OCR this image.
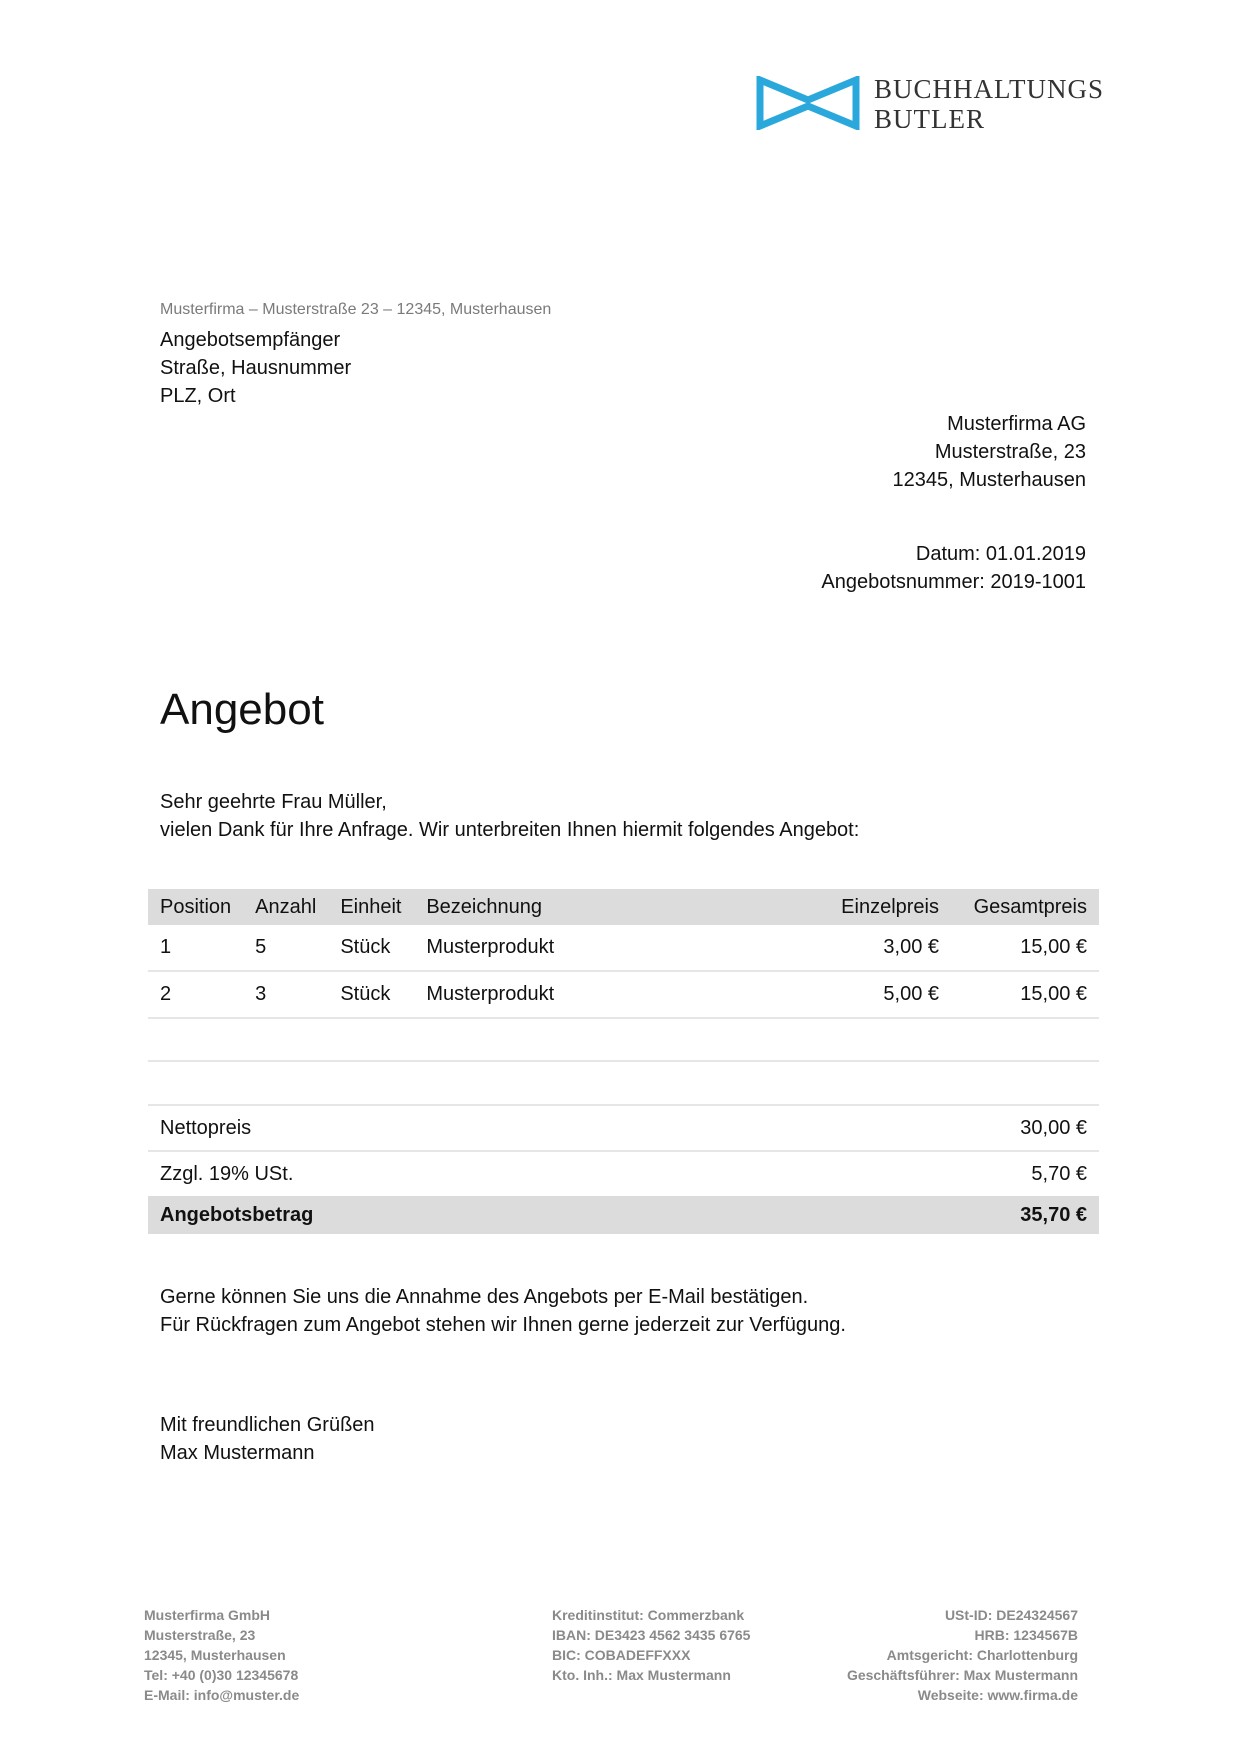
BUCHHALTUNGS
BUTLER
Musterfirma – Musterstraße 23 – 12345, Musterhausen
Angebotsempfänger
Straße, Hausnummer
PLZ, Ort
Musterfirma AG
Musterstraße, 23
12345, Musterhausen
Datum: 01.01.2019
Angebotsnummer: 2019-1001
Angebot
Sehr geehrte Frau Müller,
vielen Dank für Ihre Anfrage. Wir unterbreiten Ihnen hiermit folgendes Angebot:
Position	Anzahl	Einheit	Bezeichnung	Einzelpreis	Gesamtpreis
1	5	Stück	Musterprodukt	3,00 €	15,00 €
2	3	Stück	Musterprodukt	5,00 €	15,00 €
Nettopreis	30,00 €
Zzgl. 19% USt.	5,70 €
Angebotsbetrag	35,70 €
Gerne können Sie uns die Annahme des Angebots per E-Mail bestätigen.
Für Rückfragen zum Angebot stehen wir Ihnen gerne jederzeit zur Verfügung.
Mit freundlichen Grüßen
Max Mustermann
Musterfirma GmbH
Musterstraße, 23
12345, Musterhausen
Tel: +40 (0)30 12345678
E-Mail: info@muster.de
Kreditinstitut: Commerzbank
IBAN: DE3423 4562 3435 6765
BIC: COBADEFFXXX
Kto. Inh.: Max Mustermann
USt-ID: DE24324567
HRB: 1234567B
Amtsgericht: Charlottenburg
Geschäftsführer: Max Mustermann
Webseite: www.firma.de
